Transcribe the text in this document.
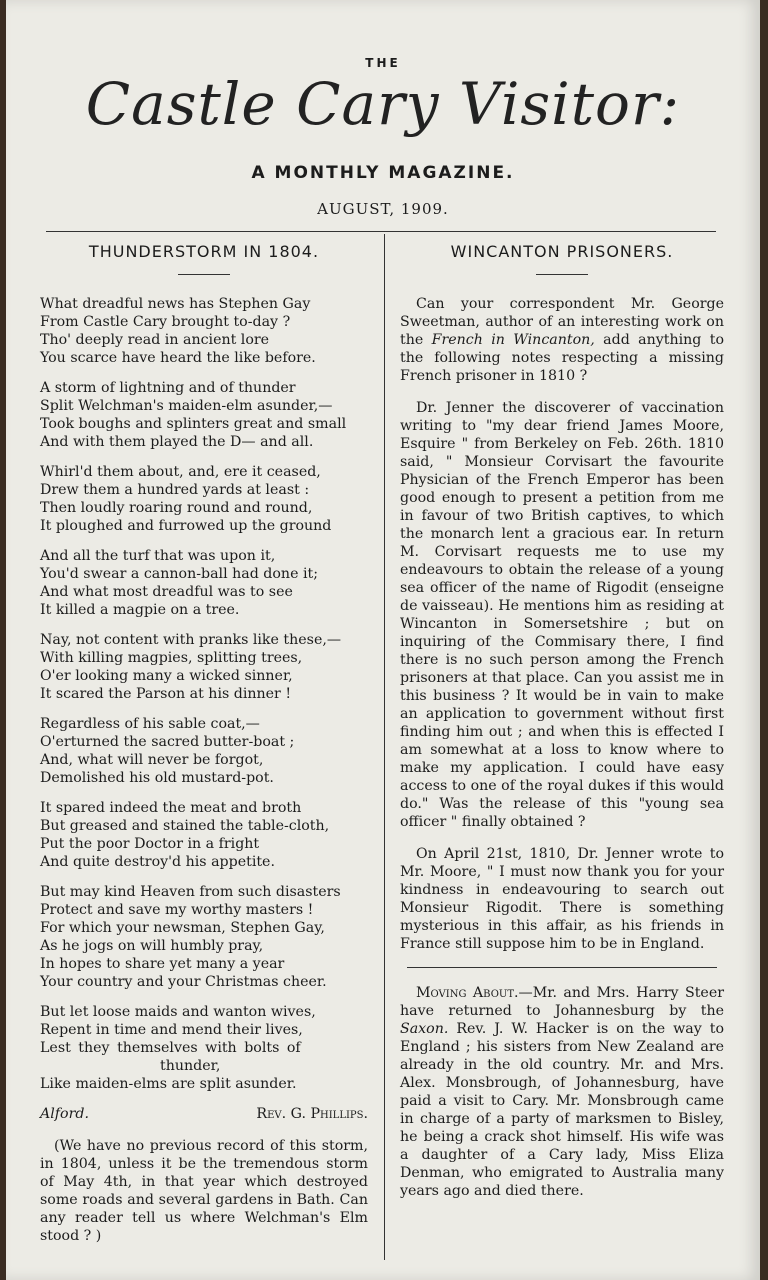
THE
Castle Cary Visitor:
A MONTHLY MAGAZINE.
AUGUST, 1909.
THUNDERSTORM IN 1804.
What dreadful news has Stephen Gay
From Castle Cary brought to-day ?
Tho' deeply read in ancient lore
You scarce have heard the like before.
A storm of lightning and of thunder
Split Welchman's maiden-elm asunder,—
Took boughs and splinters great and small
And with them played the D— and all.
Whirl'd them about, and, ere it ceased,
Drew them a hundred yards at least :
Then loudly roaring round and round,
It ploughed and furrowed up the ground
And all the turf that was upon it,
You'd swear a cannon-ball had done it;
And what most dreadful was to see
It killed a magpie on a tree.
Nay, not content with pranks like these,—
With killing magpies, splitting trees,
O'er looking many a wicked sinner,
It scared the Parson at his dinner !
Regardless of his sable coat,—
O'erturned the sacred butter-boat ;
And, what will never be forgot,
Demolished his old mustard-pot.
It spared indeed the meat and broth
But greased and stained the table-cloth,
Put the poor Doctor in a fright
And quite destroy'd his appetite.
But may kind Heaven from such disasters
Protect and save my worthy masters !
For which your newsman, Stephen Gay,
As he jogs on will humbly pray,
In hopes to share yet many a year
Your country and your Christmas cheer.
But let loose maids and wanton wives,
Repent in time and mend their lives,
Lest they themselves with bolts of
thunder,
Like maiden-elms are split asunder.
Alford.	Rev. G. Phillips.
(We have no previous record of this storm, in 1804, unless it be the tremendous storm of May 4th, in that year which destroyed some roads and several gardens in Bath. Can any reader tell us where Welchman's Elm stood ? )
WINCANTON PRISONERS.

Can your correspondent Mr. George Sweetman, author of an interesting work on the French in Wincanton, add anything to the following notes respecting a missing French prisoner in 1810 ?

Dr. Jenner the discoverer of vaccination writing to "my dear friend James Moore, Esquire " from Berkeley on Feb. 26th. 1810 said, " Monsieur Corvisart the favourite Physician of the French Emperor has been good enough to present a petition from me in favour of two British captives, to which the monarch lent a gracious ear. In return M. Corvisart requests me to use my endeavours to obtain the release of a young sea officer of the name of Rigodit (enseigne de vaisseau). He mentions him as residing at Wincanton in Somersetshire ; but on inquiring of the Commisary there, I find there is no such person among the French prisoners at that place. Can you assist me in this business ? It would be in vain to make an application to government without first finding him out ; and when this is effected I am somewhat at a loss to know where to make my application. I could have easy access to one of the royal dukes if this would do." Was the release of this "young sea officer " finally obtained ?

On April 21st, 1810, Dr. Jenner wrote to Mr. Moore, " I must now thank you for your kindness in endeavouring to search out Monsieur Rigodit. There is something mysterious in this affair, as his friends in France still suppose him to be in England.

Moving About.—Mr. and Mrs. Harry Steer have returned to Johannesburg by the Saxon. Rev. J. W. Hacker is on the way to England ; his sisters from New Zealand are already in the old country. Mr. and Mrs. Alex. Monsbrough, of Johannesburg, have paid a visit to Cary. Mr. Monsbrough came in charge of a party of marksmen to Bisley, he being a crack shot himself. His wife was a daughter of a Cary lady, Miss Eliza Denman, who emigrated to Australia many years ago and died there.
